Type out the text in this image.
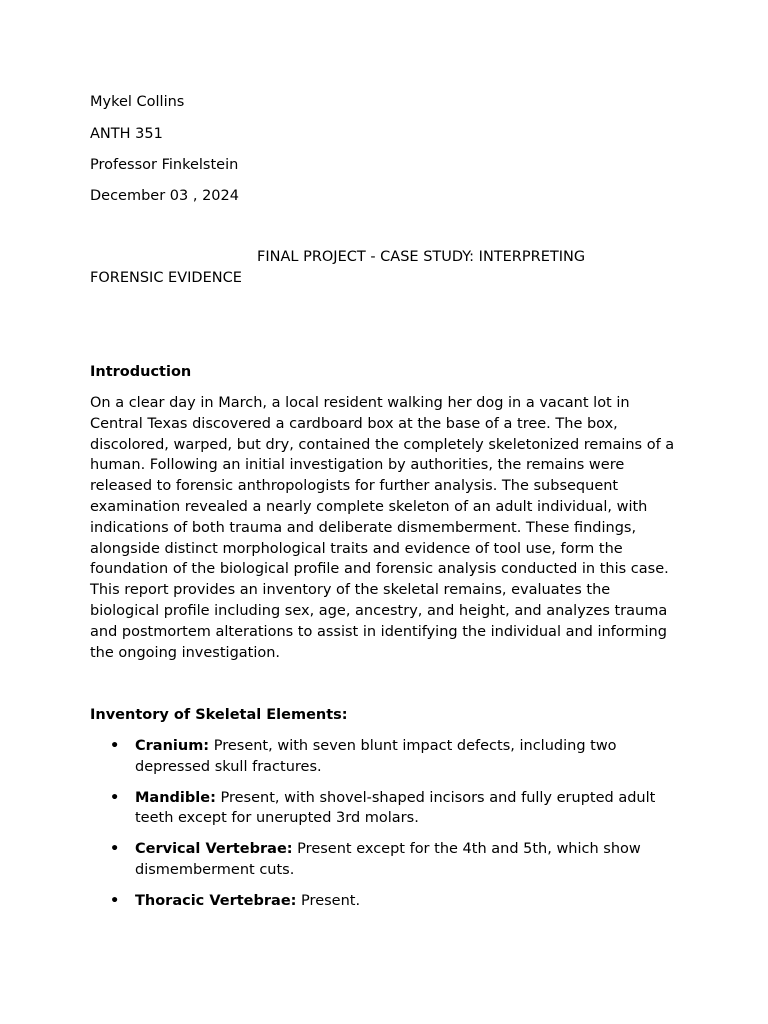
Mykel Collins
ANTH 351
Professor Finkelstein
December 03 , 2024
FINAL PROJECT - CASE STUDY: INTERPRETING
FORENSIC EVIDENCE
Introduction
On a clear day in March, a local resident walking her dog in a vacant lot in Central Texas discovered a cardboard box at the base of a tree. The box, discolored, warped, but dry, contained the completely skeletonized remains of a human. Following an initial investigation by authorities, the remains were released to forensic anthropologists for further analysis. The subsequent examination revealed a nearly complete skeleton of an adult individual, with indications of both trauma and deliberate dismemberment. These findings, alongside distinct morphological traits and evidence of tool use, form the foundation of the biological profile and forensic analysis conducted in this case. This report provides an inventory of the skeletal remains, evaluates the biological profile including sex, age, ancestry, and height, and analyzes trauma and postmortem alterations to assist in identifying the individual and informing the ongoing investigation.
Inventory of Skeletal Elements:
• Cranium: Present, with seven blunt impact defects, including two depressed skull fractures.
• Mandible: Present, with shovel-shaped incisors and fully erupted adult teeth except for unerupted 3rd molars.
• Cervical Vertebrae: Present except for the 4th and 5th, which show dismemberment cuts.
• Thoracic Vertebrae: Present.
